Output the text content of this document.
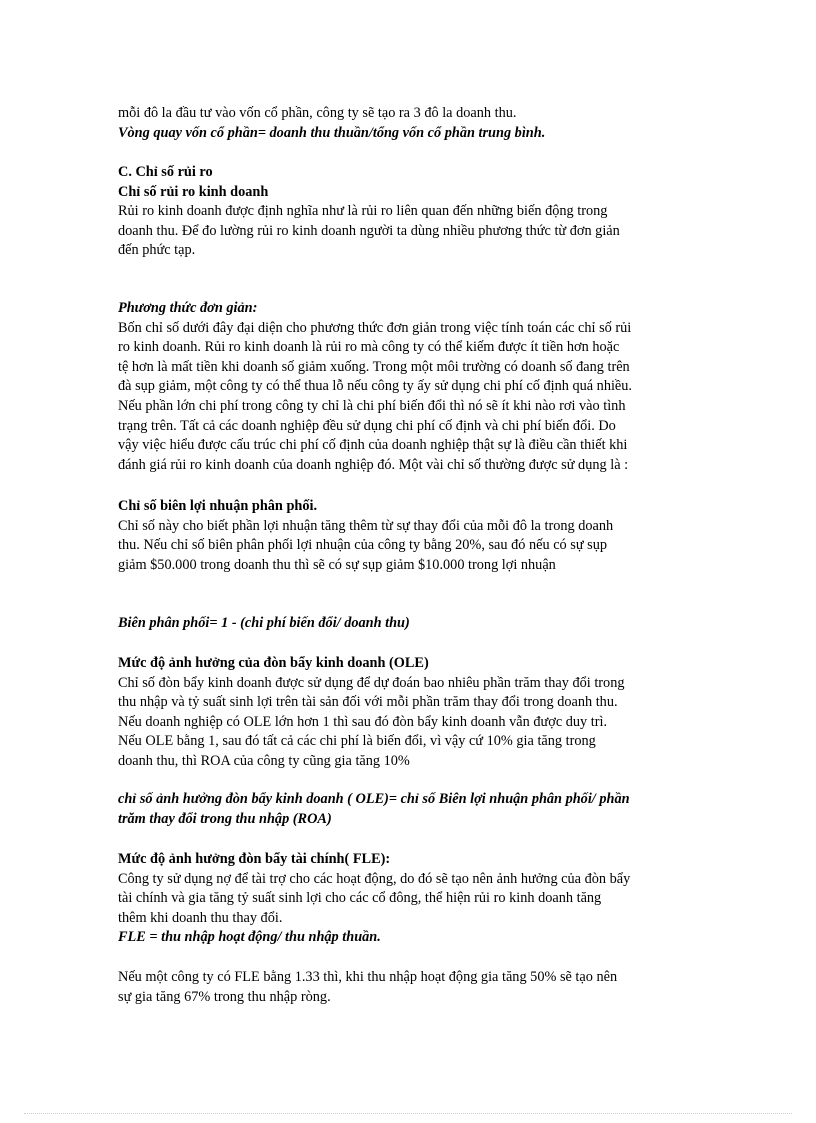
mỗi đô la đầu tư vào vốn cổ phần, công ty sẽ tạo ra 3 đô la doanh thu.
Vòng quay vốn cổ phần= doanh thu thuần/tổng vốn cổ phần trung bình.
C. Chỉ số rủi ro
Chỉ số rủi ro kinh doanh
Rủi ro kinh doanh được định nghĩa như là rủi ro liên quan đến những biến động trong
doanh thu. Để đo lường rủi ro kinh doanh người ta dùng nhiều phương thức từ đơn giản
đến phức tạp.
Phương thức đơn giản:
Bốn chỉ số dưới đây đại diện cho phương thức đơn giản trong việc tính toán các chỉ số rủi
ro kinh doanh. Rủi ro kinh doanh là rủi ro mà công ty có thể kiếm được ít tiền hơn hoặc
tệ hơn là mất tiền khi doanh số giảm xuống. Trong một môi trường có doanh số đang trên
đà sụp giảm, một công ty có thể thua lỗ nếu công ty ấy sử dụng chi phí cố định quá nhiều.
Nếu phần lớn chi phí trong công ty chỉ là chi phí biến đổi thì nó sẽ ít khi nào rơi vào tình
trạng trên. Tất cả các doanh nghiệp đều sử dụng chi phí cố định và chi phí biến đổi. Do
vậy việc hiểu được cấu trúc chi phí cố định của doanh nghiệp thật sự là điều cần thiết khi
đánh giá rủi ro kinh doanh của doanh nghiệp đó. Một vài chỉ số thường được sử dụng là :
Chỉ số biên lợi nhuận phân phối.
Chỉ số này cho biết phần lợi nhuận tăng thêm từ sự thay đổi của mỗi đô la trong doanh
thu. Nếu chỉ số biên phân phối lợi nhuận của công ty bằng 20%, sau đó nếu có sự sụp
giảm $50.000 trong doanh thu thì sẽ có sự sụp giảm $10.000 trong lợi nhuận
Biên phân phối= 1 - (chi phí biến đổi/ doanh thu)
Mức độ ảnh hưởng của đòn bẩy kinh doanh (OLE)
Chỉ số đòn bẩy kinh doanh được sử dụng để dự đoán bao nhiêu phần trăm thay đổi trong
thu nhập và tỷ suất sinh lợi trên tài sản đối với mỗi phần trăm thay đổi trong doanh thu.
Nếu doanh nghiệp có OLE lớn hơn 1 thì sau đó đòn bẩy kinh doanh vẫn được duy trì.
Nếu OLE bằng 1, sau đó tất cả các chi phí là biến đổi, vì vậy cứ 10% gia tăng trong
doanh thu, thì ROA của công ty cũng gia tăng 10%
chỉ số ảnh hưởng đòn bẩy kinh doanh ( OLE)= chỉ số Biên lợi nhuận phân phối/ phần
trăm thay đổi trong thu nhập (ROA)
Mức độ ảnh hưởng đòn bẩy tài chính( FLE):
Công ty sử dụng nợ để tài trợ cho các hoạt động, do đó sẽ tạo nên ảnh hưởng của đòn bẩy
tài chính và gia tăng tỷ suất sinh lợi cho các cổ đông, thể hiện rủi ro kinh doanh tăng
thêm khi doanh thu thay đổi.
FLE = thu nhập hoạt động/ thu nhập thuần.
Nếu một công ty có FLE bằng 1.33 thì, khi thu nhập hoạt động gia tăng 50% sẽ tạo nên
sự gia tăng 67% trong thu nhập ròng.
